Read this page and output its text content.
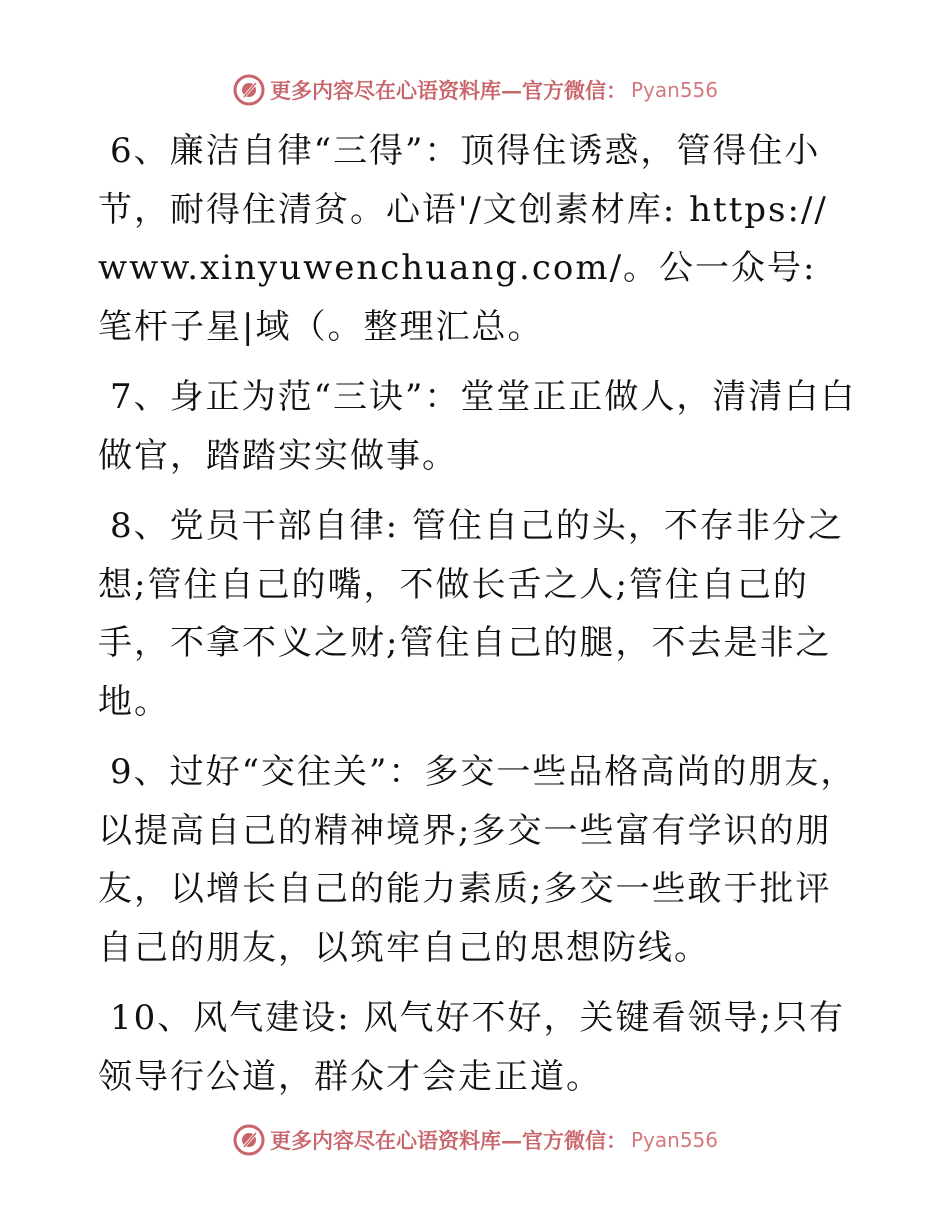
更多内容尽在心语资料库—官方微信： Pyan556

6、廉洁自律“三得”：顶得住诱惑，管得住小节，耐得住清贫。心语'/文创素材库: https://www.xinyuwenchuang.com/。公一众号: 笔杆子星|域（。整理汇总。

7、身正为范“三诀”：堂堂正正做人，清清白白做官，踏踏实实做事。

8、党员干部自律: 管住自己的头，不存非分之想;管住自己的嘴，不做长舌之人;管住自己的手，不拿不义之财;管住自己的腿，不去是非之地。

9、过好“交往关”：多交一些品格高尚的朋友，以提高自己的精神境界;多交一些富有学识的朋友，以增长自己的能力素质;多交一些敢于批评自己的朋友，以筑牢自己的思想防线。

10、风气建设: 风气好不好，关键看领导;只有领导行公道，群众才会走正道。

更多内容尽在心语资料库—官方微信： Pyan556
